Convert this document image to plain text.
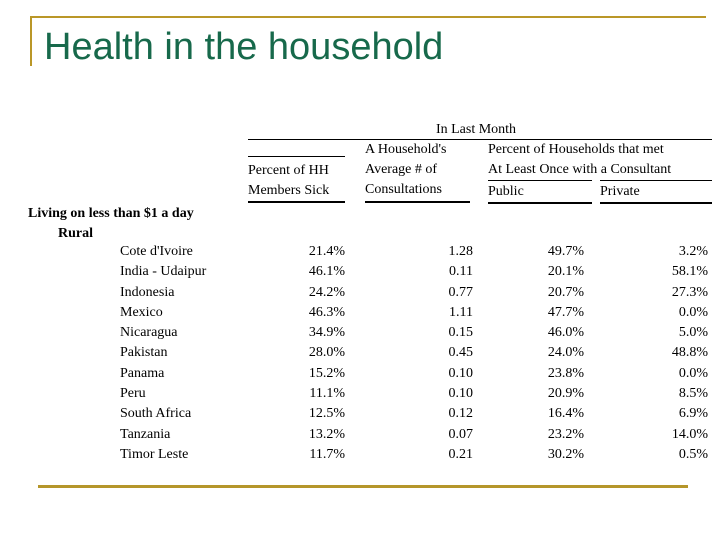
Health in the household
In Last Month
Percent of HH
Members Sick
A Household's
Average # of
Consultations
Percent of Households that met
At Least Once with a Consultant
Public	Private
Living on less than $1 a day
Rural
Cote d'Ivoire	21.4%	1.28	49.7%	3.2%
India - Udaipur	46.1%	0.11	20.1%	58.1%
Indonesia	24.2%	0.77	20.7%	27.3%
Mexico	46.3%	1.11	47.7%	0.0%
Nicaragua	34.9%	0.15	46.0%	5.0%
Pakistan	28.0%	0.45	24.0%	48.8%
Panama	15.2%	0.10	23.8%	0.0%
Peru	11.1%	0.10	20.9%	8.5%
South Africa	12.5%	0.12	16.4%	6.9%
Tanzania	13.2%	0.07	23.2%	14.0%
Timor Leste	11.7%	0.21	30.2%	0.5%
